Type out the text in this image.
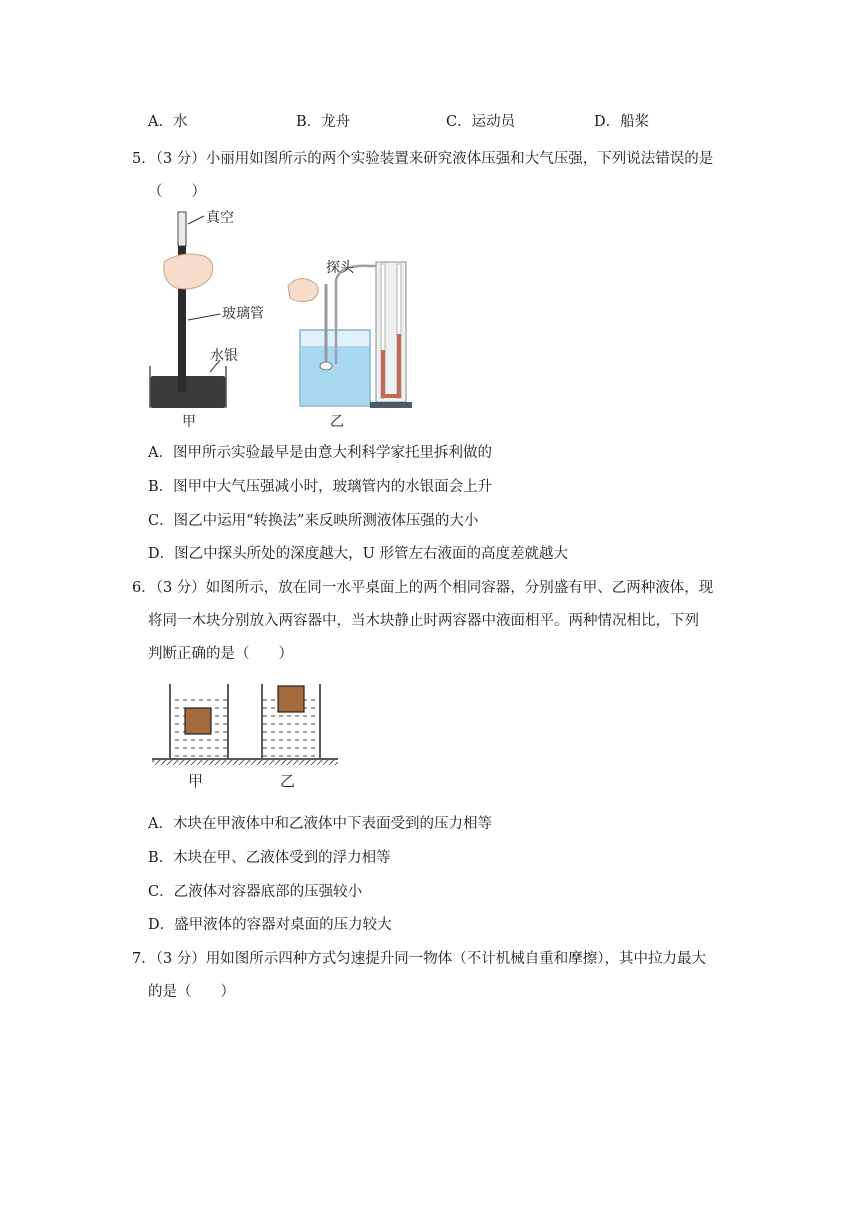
A．水	B．龙舟	C．运动员	D．船桨
5．（3 分）小丽用如图所示的两个实验装置来研究液体压强和大气压强，下列说法错误的是
（　　）
真空
玻璃管
水银
甲
探头
乙
A．图甲所示实验最早是由意大利科学家托里拆利做的
B．图甲中大气压强减小时，玻璃管内的水银面会上升
C．图乙中运用“转换法”来反映所测液体压强的大小
D．图乙中探头所处的深度越大，U 形管左右液面的高度差就越大
6．（3 分）如图所示，放在同一水平桌面上的两个相同容器，分别盛有甲、乙两种液体，现
将同一木块分别放入两容器中，当木块静止时两容器中液面相平。两种情况相比，下列
判断正确的是（　　）
甲	乙
A．木块在甲液体中和乙液体中下表面受到的压力相等
B．木块在甲、乙液体受到的浮力相等
C．乙液体对容器底部的压强较小
D．盛甲液体的容器对桌面的压力较大
7．（3 分）用如图所示四种方式匀速提升同一物体（不计机械自重和摩擦），其中拉力最大
的是（　　）
